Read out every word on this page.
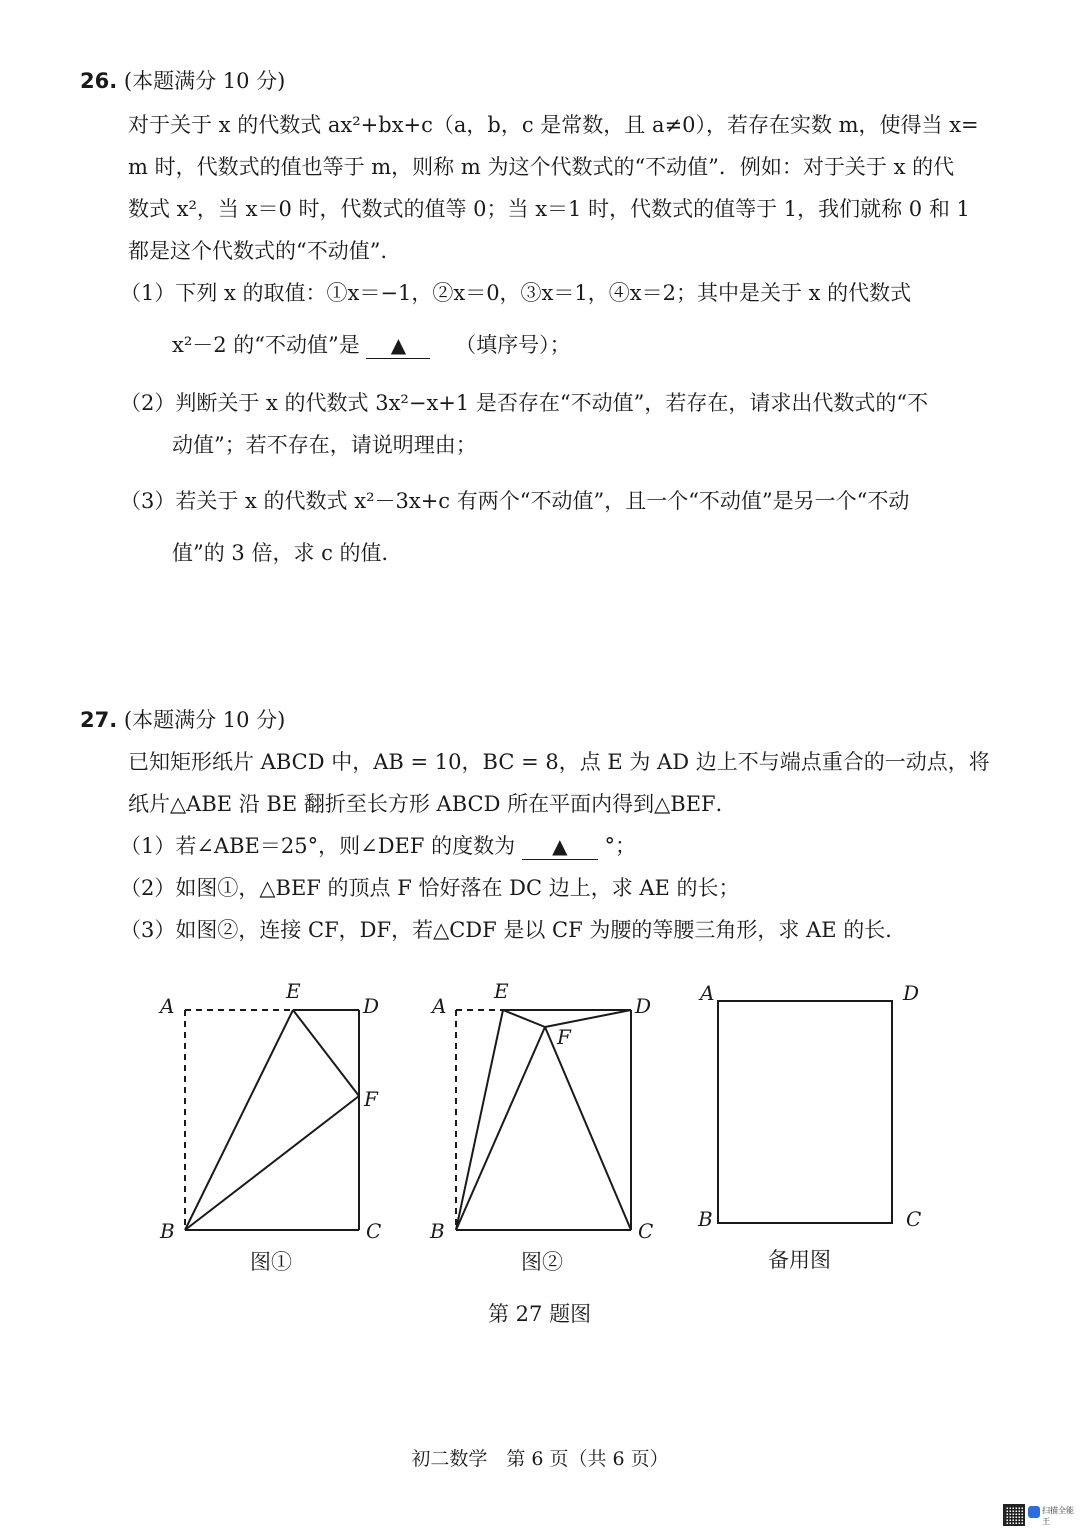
26. (本题满分 10 分)
对于关于 x 的代数式 ax²+bx+c（a，b，c 是常数，且 a≠0），若存在实数 m，使得当 x=
m 时，代数式的值也等于 m，则称 m 为这个代数式的“不动值”．例如：对于关于 x 的代
数式 x²，当 x＝0 时，代数式的值等 0；当 x＝1 时，代数式的值等于 1，我们就称 0 和 1
都是这个代数式的“不动值”．
（1）下列 x 的取值：①x＝−1，②x＝0，③x＝1，④x＝2；其中是关于 x 的代数式
x²－2 的“不动值”是 ▲ （填序号）；
（2）判断关于 x 的代数式 3x²−x+1 是否存在“不动值”，若存在，请求出代数式的“不
动值”；若不存在，请说明理由；
（3）若关于 x 的代数式 x²－3x+c 有两个“不动值”，且一个“不动值”是另一个“不动
值”的 3 倍，求 c 的值．
27. (本题满分 10 分)
已知矩形纸片 ABCD 中，AB = 10，BC = 8，点 E 为 AD 边上不与端点重合的一动点，将
纸片△ABE 沿 BE 翻折至长方形 ABCD 所在平面内得到△BEF．
（1）若∠ABE＝25°，则∠DEF 的度数为 ▲ °；
（2）如图①，△BEF 的顶点 F 恰好落在 DC 边上，求 AE 的长；
（3）如图②，连接 CF，DF，若△CDF 是以 CF 为腰的等腰三角形，求 AE 的长．
A
E
D
F
B	C
A
E
D
F
B	C
A	D
B	C
图①	图②	备用图
第 27 题图
初二数学　第 6 页（共 6 页）
扫描全能王
